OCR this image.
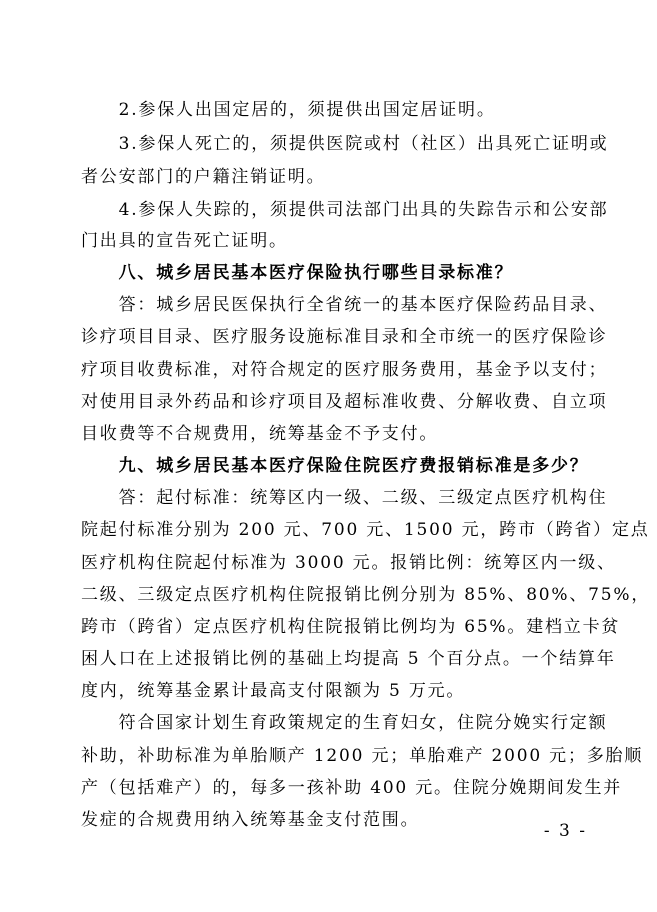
　　2.参保人出国定居的，须提供出国定居证明。
　　3.参保人死亡的，须提供医院或村（社区）出具死亡证明或
者公安部门的户籍注销证明。
　　4.参保人失踪的，须提供司法部门出具的失踪告示和公安部
门出具的宣告死亡证明。
　　八、城乡居民基本医疗保险执行哪些目录标准？
　　答：城乡居民医保执行全省统一的基本医疗保险药品目录、
诊疗项目目录、医疗服务设施标准目录和全市统一的医疗保险诊
疗项目收费标准，对符合规定的医疗服务费用，基金予以支付；
对使用目录外药品和诊疗项目及超标准收费、分解收费、自立项
目收费等不合规费用，统筹基金不予支付。
　　九、城乡居民基本医疗保险住院医疗费报销标准是多少？
　　答：起付标准：统筹区内一级、二级、三级定点医疗机构住
院起付标准分别为 200 元、700 元、1500 元，跨市（跨省）定点
医疗机构住院起付标准为 3000 元。报销比例：统筹区内一级、
二级、三级定点医疗机构住院报销比例分别为 85%、80%、75%，
跨市（跨省）定点医疗机构住院报销比例均为 65%。建档立卡贫
困人口在上述报销比例的基础上均提高 5 个百分点。一个结算年
度内，统筹基金累计最高支付限额为 5 万元。
　　符合国家计划生育政策规定的生育妇女，住院分娩实行定额
补助，补助标准为单胎顺产 1200 元；单胎难产 2000 元；多胎顺
产（包括难产）的，每多一孩补助 400 元。住院分娩期间发生并
发症的合规费用纳入统筹基金支付范围。
- 3 -
